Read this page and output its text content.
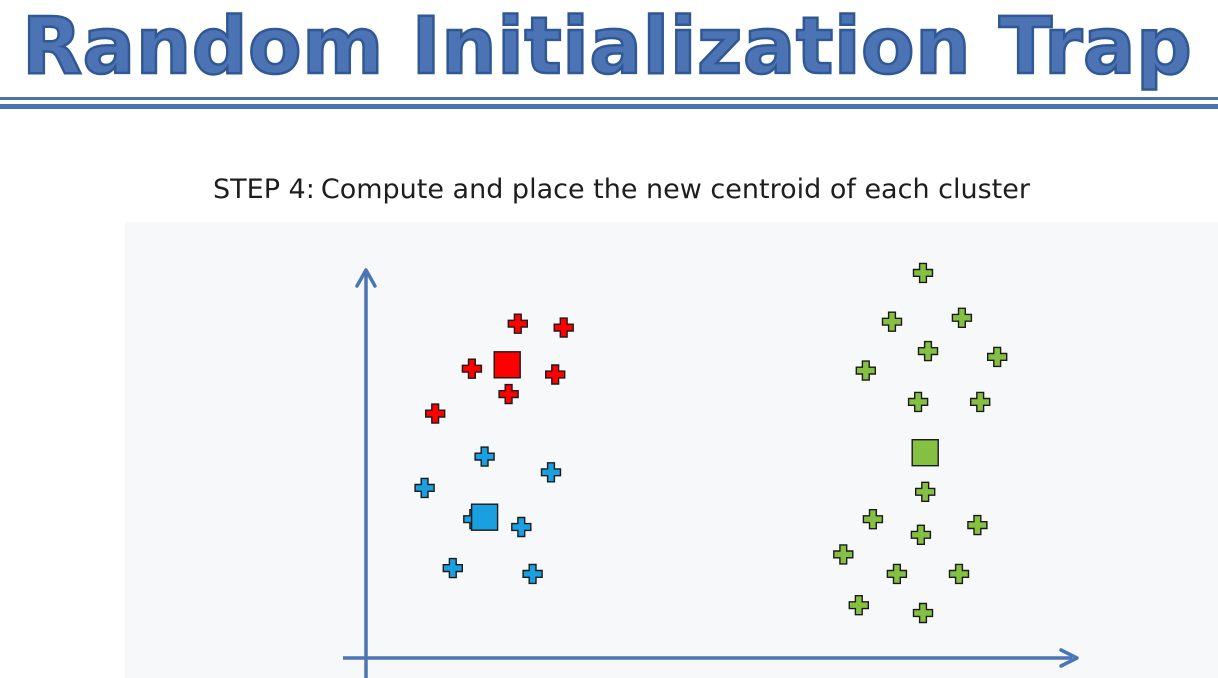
Random Initialization Trap
STEP 4: Compute and place the new centroid of each cluster
